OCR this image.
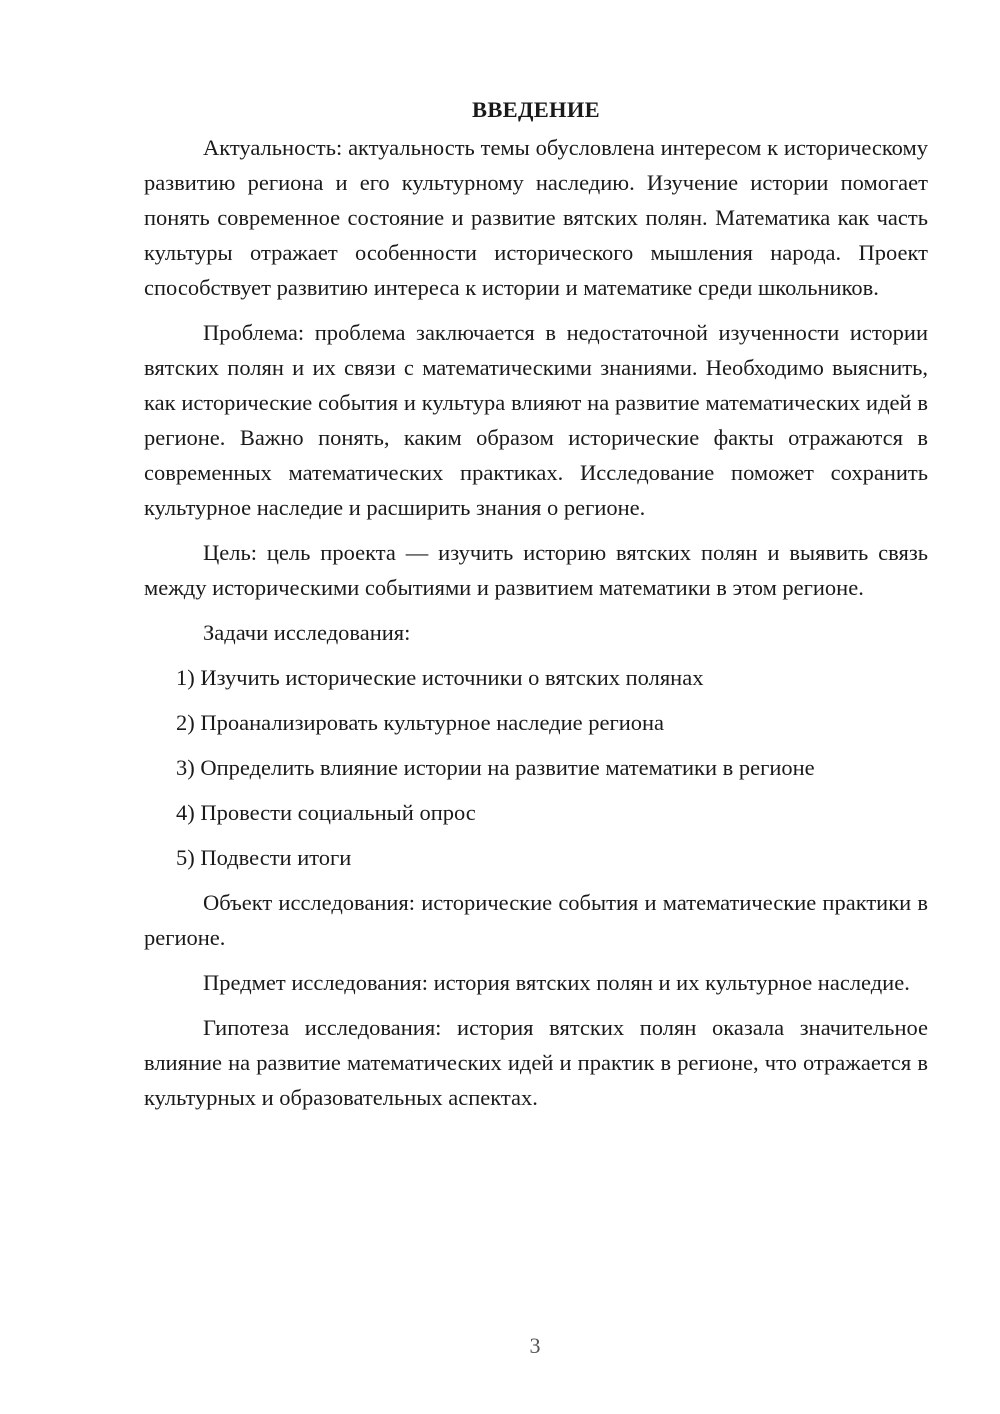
ВВЕДЕНИЕ

Актуальность: актуальность темы обусловлена интересом к историческому развитию региона и его культурному наследию. Изучение истории помогает понять современное состояние и развитие вятских полян. Математика как часть культуры отражает особенности исторического мышления народа. Проект способствует развитию интереса к истории и математике среди школьников.

Проблема: проблема заключается в недостаточной изученности истории вятских полян и их связи с математическими знаниями. Необходимо выяснить, как исторические события и культура влияют на развитие математических идей в регионе. Важно понять, каким образом исторические факты отражаются в современных математических практиках. Исследование поможет сохранить культурное наследие и расширить знания о регионе.

Цель: цель проекта — изучить историю вятских полян и выявить связь между историческими событиями и развитием математики в этом регионе.

Задачи исследования:

1) Изучить исторические источники о вятских полянах
2) Проанализировать культурное наследие региона
3) Определить влияние истории на развитие математики в регионе
4) Провести социальный опрос
5) Подвести итоги

Объект исследования: исторические события и математические практики в регионе.

Предмет исследования: история вятских полян и их культурное наследие.

Гипотеза исследования: история вятских полян оказала значительное влияние на развитие математических идей и практик в регионе, что отражается в культурных и образовательных аспектах.

3
